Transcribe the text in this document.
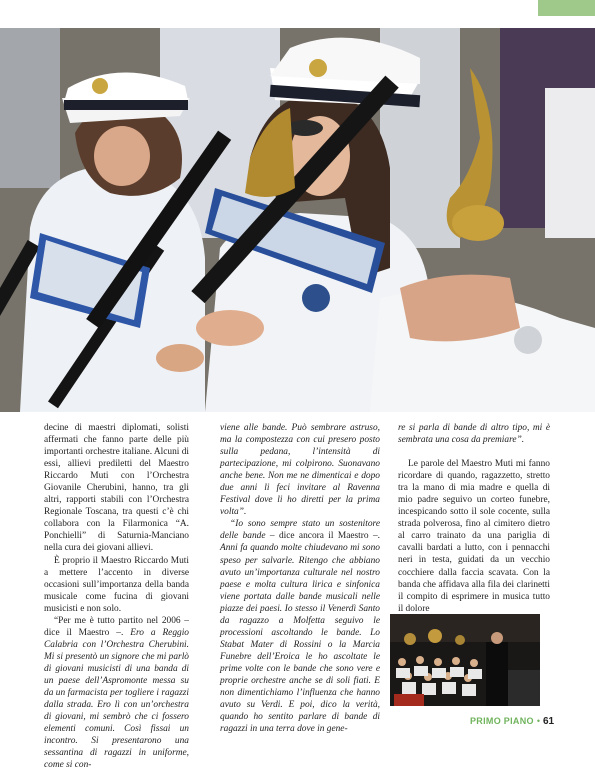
decine di maestri diplomati, solisti affermati che fanno parte delle più importanti orchestre italiane. Alcuni di essi, allievi prediletti del Maestro Riccardo Muti con l’Orchestra Giovanile Cherubini, hanno, tra gli altri, rapporti stabili con l’Orchestra Regionale Toscana, tra questi c’è chi collabora con la Filarmonica “A. Ponchielli” di Saturnia-Manciano nella cura dei giovani allievi.

È proprio il Maestro Riccardo Muti a mettere l’accento in diverse occasioni sull’importanza della banda musicale come fucina di giovani musicisti e non solo.

“Per me è tutto partito nel 2006 – dice il Maestro –. Ero a Reggio Calabria con l’Orchestra Cherubini. Mi si presentò un signore che mi parlò di giovani musicisti di una banda di un paese dell’Aspromonte messa su da un farmacista per togliere i ragazzi dalla strada. Ero lì con un’orchestra di giovani, mi sembrò che ci fossero elementi comuni. Così fissai un incontro. Si presentarono una sessantina di ragazzi in uniforme, come si con-

viene alle bande. Può sembrare astruso, ma la compostezza con cui presero posto sulla pedana, l’intensità di partecipazione, mi colpirono. Suonavano anche bene. Non me ne dimenticai e dopo due anni li feci invitare al Ravenna Festival dove li ho diretti per la prima volta”.

“Io sono sempre stato un sostenitore delle bande – dice ancora il Maestro –. Anni fa quando molte chiudevano mi sono speso per salvarle. Ritengo che abbiano avuto un’importanza culturale nel nostro paese e molta cultura lirica e sinfonica viene portata dalle bande musicali nelle piazze dei paesi. Io stesso il Venerdì Santo da ragazzo a Molfetta seguivo le processioni ascoltando le bande. Lo Stabat Mater di Rossini o la Marcia Funebre dell’Eroica le ho ascoltate le prime volte con le bande che sono vere e proprie orchestre anche se di soli fiati. E non dimentichiamo l’influenza che hanno avuto su Verdi. E poi, dico la verità, quando ho sentito parlare di bande di ragazzi in una terra dove in gene-

re si parla di bande di altro tipo, mi è sembrata una cosa da premiare”.

Le parole del Maestro Muti mi fanno ricordare di quando, ragazzetto, stretto tra la mano di mia madre e quella di mio padre seguivo un corteo funebre, incespicando sotto il sole cocente, sulla strada polverosa, fino al cimitero dietro al carro trainato da una pariglia di cavalli bardati a lutto, con i pennacchi neri in testa, guidati da un vecchio cocchiere dalla faccia scavata. Con la banda che affidava alla fila dei clarinetti il compito di esprimere in musica tutto il dolore

PRIMO PIANO • 61
